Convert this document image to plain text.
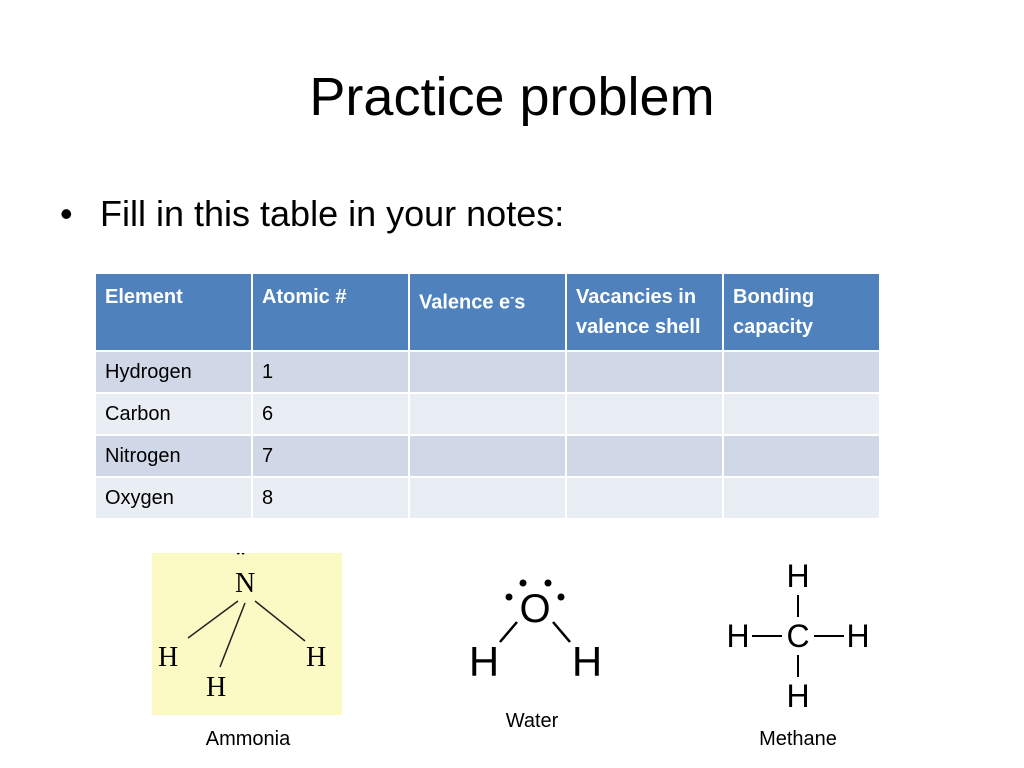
Practice problem
• Fill in this table in your notes:
Element	Atomic #	Valence e-s	Vacancies in valence shell	Bonding capacity
Hydrogen	1			
Carbon	6			
Nitrogen	7			
Oxygen	8			
N
¨
H
H
H
O
H H
H
H C H
H
Ammonia
Water
Methane
